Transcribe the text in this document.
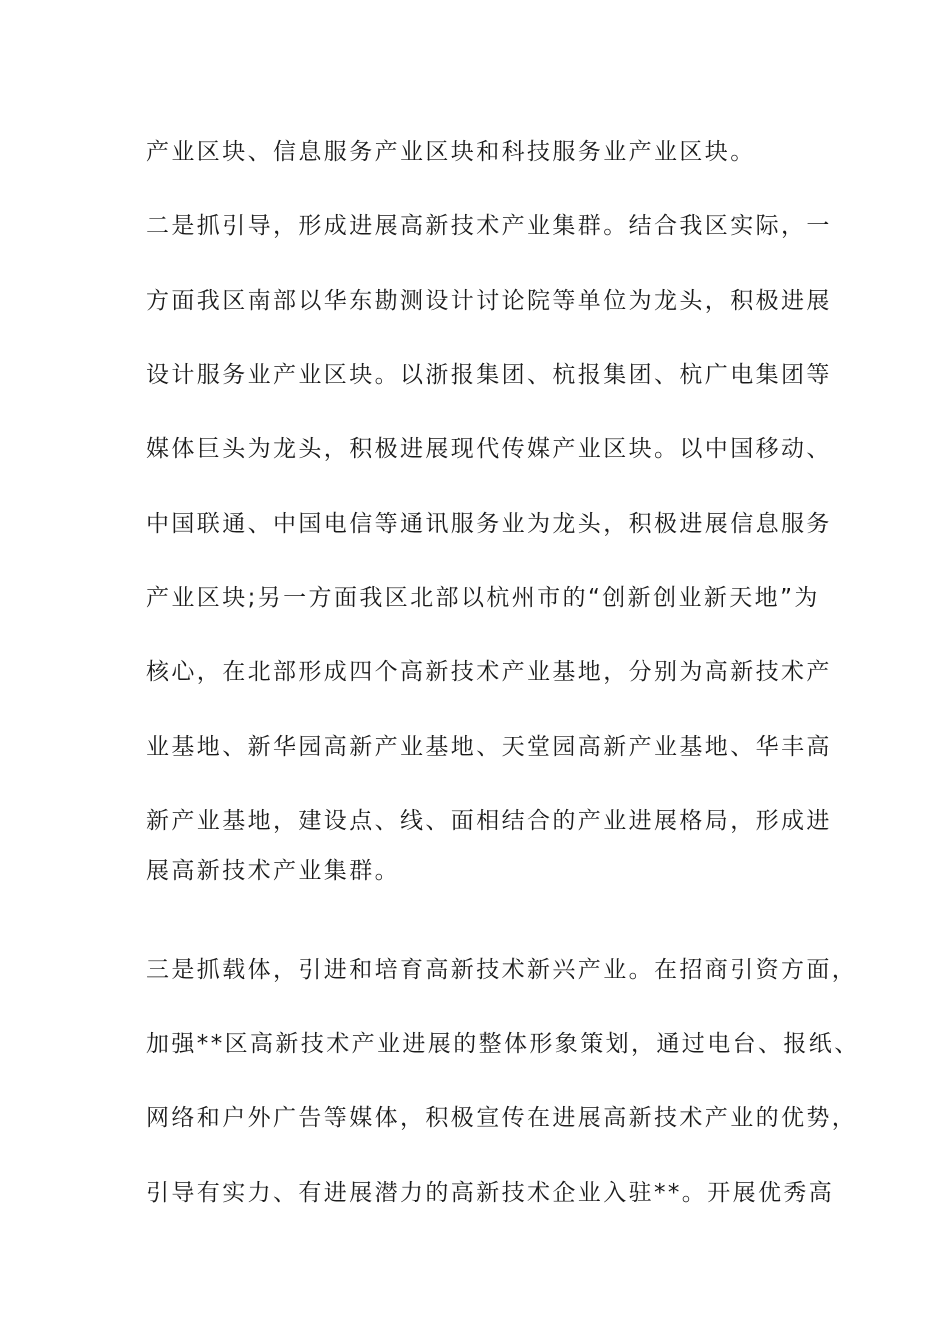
产业区块、信息服务产业区块和科技服务业产业区块。
二是抓引导，形成进展高新技术产业集群。结合我区实际，一
方面我区南部以华东勘测设计讨论院等单位为龙头，积极进展
设计服务业产业区块。以浙报集团、杭报集团、杭广电集团等
媒体巨头为龙头，积极进展现代传媒产业区块。以中国移动、
中国联通、中国电信等通讯服务业为龙头，积极进展信息服务
产业区块;另一方面我区北部以杭州市的“创新创业新天地”为
核心，在北部形成四个高新技术产业基地，分别为高新技术产
业基地、新华园高新产业基地、天堂园高新产业基地、华丰高
新产业基地，建设点、线、面相结合的产业进展格局，形成进
展高新技术产业集群。
三是抓载体，引进和培育高新技术新兴产业。在招商引资方面，
加强**区高新技术产业进展的整体形象策划，通过电台、报纸、
网络和户外广告等媒体，积极宣传在进展高新技术产业的优势，
引导有实力、有进展潜力的高新技术企业入驻**。开展优秀高
